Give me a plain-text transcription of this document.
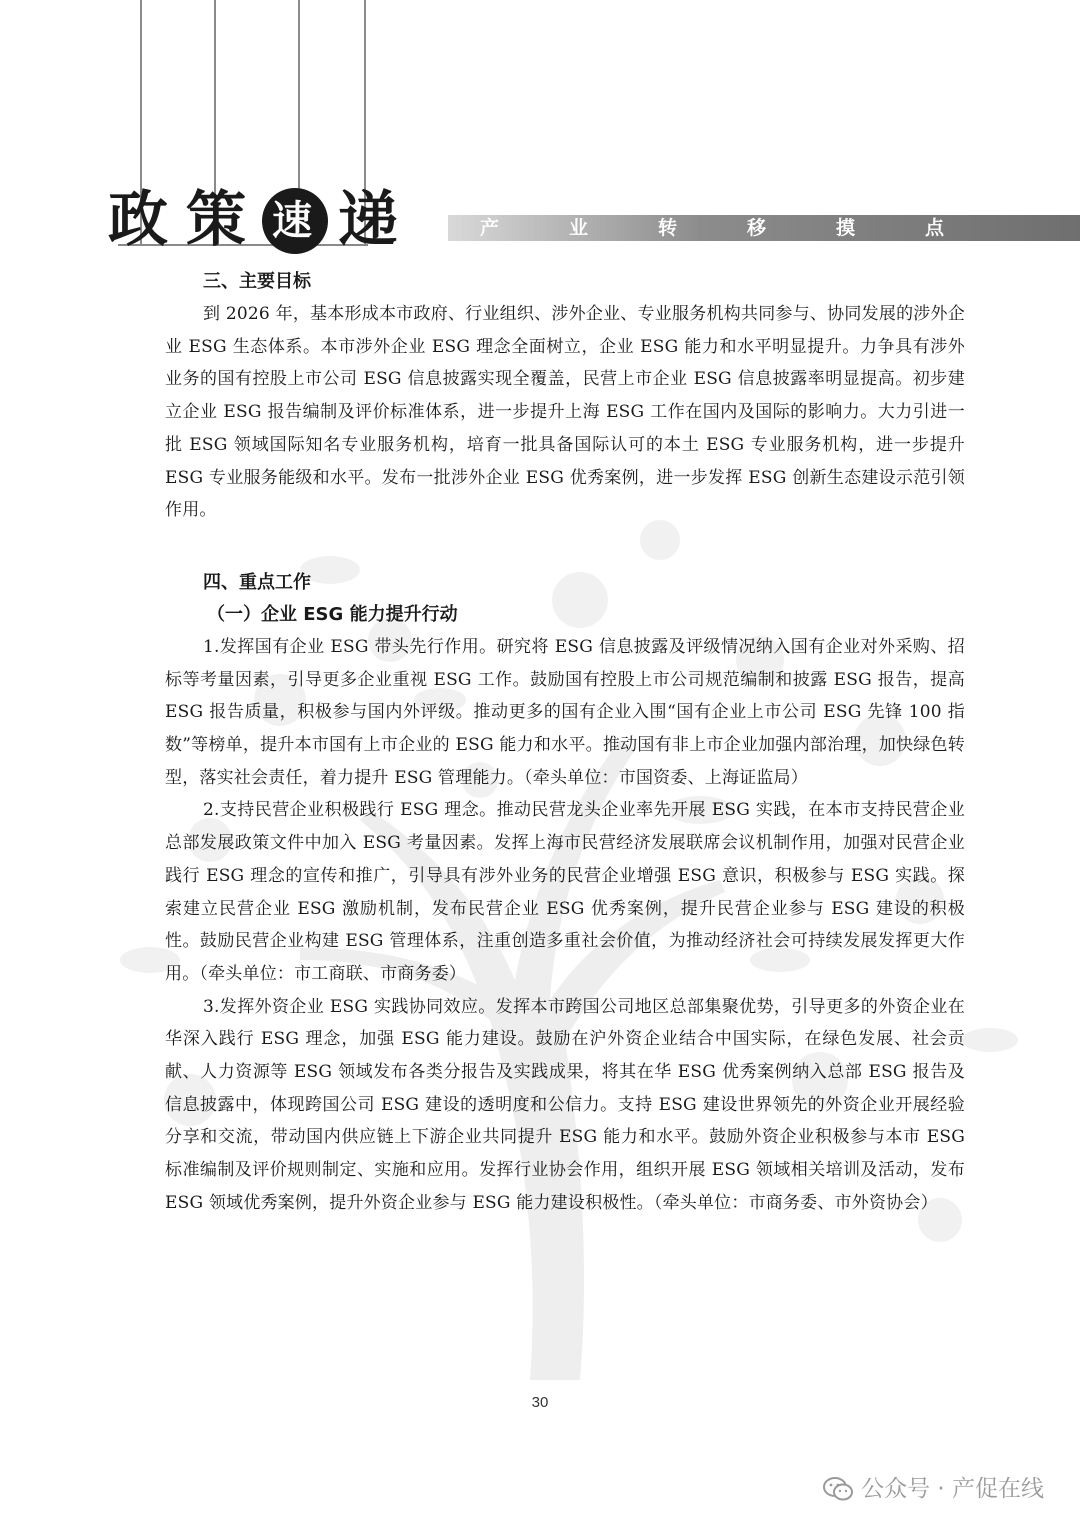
政 策 速 递	产	业	转	移	摸	点
三、主要目标

到 2026 年，基本形成本市政府、行业组织、涉外企业、专业服务机构共同参与、协同发展的涉外企业 ESG 生态体系。本市涉外企业 ESG 理念全面树立，企业 ESG 能力和水平明显提升。力争具有涉外业务的国有控股上市公司 ESG 信息披露实现全覆盖，民营上市企业 ESG 信息披露率明显提高。初步建立企业 ESG 报告编制及评价标准体系，进一步提升上海 ESG 工作在国内及国际的影响力。大力引进一批 ESG 领域国际知名专业服务机构，培育一批具备国际认可的本土 ESG 专业服务机构，进一步提升 ESG 专业服务能级和水平。发布一批涉外企业 ESG 优秀案例，进一步发挥 ESG 创新生态建设示范引领作用。

四、重点工作
（一）企业 ESG 能力提升行动

1.发挥国有企业 ESG 带头先行作用。研究将 ESG 信息披露及评级情况纳入国有企业对外采购、招标等考量因素，引导更多企业重视 ESG 工作。鼓励国有控股上市公司规范编制和披露 ESG 报告，提高 ESG 报告质量，积极参与国内外评级。推动更多的国有企业入围“国有企业上市公司 ESG 先锋 100 指数”等榜单，提升本市国有上市企业的 ESG 能力和水平。推动国有非上市企业加强内部治理，加快绿色转型，落实社会责任，着力提升 ESG 管理能力。（牵头单位：市国资委、上海证监局）

2.支持民营企业积极践行 ESG 理念。推动民营龙头企业率先开展 ESG 实践，在本市支持民营企业总部发展政策文件中加入 ESG 考量因素。发挥上海市民营经济发展联席会议机制作用，加强对民营企业践行 ESG 理念的宣传和推广，引导具有涉外业务的民营企业增强 ESG 意识，积极参与 ESG 实践。探索建立民营企业 ESG 激励机制，发布民营企业 ESG 优秀案例，提升民营企业参与 ESG 建设的积极性。鼓励民营企业构建 ESG 管理体系，注重创造多重社会价值，为推动经济社会可持续发展发挥更大作用。（牵头单位：市工商联、市商务委）

3.发挥外资企业 ESG 实践协同效应。发挥本市跨国公司地区总部集聚优势，引导更多的外资企业在华深入践行 ESG 理念，加强 ESG 能力建设。鼓励在沪外资企业结合中国实际，在绿色发展、社会贡献、人力资源等 ESG 领域发布各类分报告及实践成果，将其在华 ESG 优秀案例纳入总部 ESG 报告及信息披露中，体现跨国公司 ESG 建设的透明度和公信力。支持 ESG 建设世界领先的外资企业开展经验分享和交流，带动国内供应链上下游企业共同提升 ESG 能力和水平。鼓励外资企业积极参与本市 ESG 标准编制及评价规则制定、实施和应用。发挥行业协会作用，组织开展 ESG 领域相关培训及活动，发布 ESG 领域优秀案例，提升外资企业参与 ESG 能力建设积极性。（牵头单位：市商务委、市外资协会）

30
公众号 · 产促在线
